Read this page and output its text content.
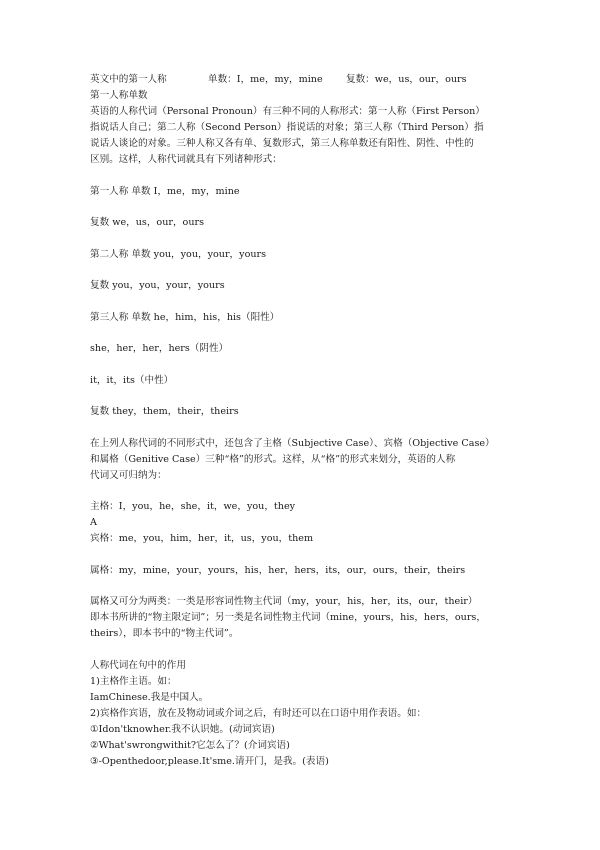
英文中的第一人称	单数：I，me，my，mine 复数：we，us，our，ours
第一人称单数
英语的人称代词（Personal Pronoun）有三种不同的人称形式：第一人称（First Person）
指说话人自己；第二人称（Second Person）指说话的对象；第三人称（Third Person）指
说话人谈论的对象。三种人称又各有单、复数形式，第三人称单数还有阳性、阴性、中性的
区别。这样，人称代词就具有下列诸种形式：
第一人称 单数 I，me，my，mine
复数 we，us，our，ours
第二人称 单数 you，you，your，yours
复数 you，you，your，yours
第三人称 单数 he，him，his，his（阳性）
she，her，her，hers（阴性）
it，it，its（中性）
复数 they，them，their，theirs
在上列人称代词的不同形式中，还包含了主格（Subjective Case）、宾格（Objective Case）
和属格（Genitive Case）三种“格”的形式。这样，从“格”的形式来划分，英语的人称
代词又可归纳为：
主格：I，you，he，she，it，we，you，they
A
宾格：me，you，him，her，it，us，you，them
属格：my，mine，your，yours，his，her，hers，its，our，ours，their，theirs
属格又可分为两类：一类是形容词性物主代词（my，your，his，her，its，our，their）
即本书所讲的“物主限定词”；另一类是名词性物主代词（mine，yours，his，hers，ours，
theirs），即本书中的“物主代词”。
人称代词在句中的作用
1)主格作主语。如：
IamChinese.我是中国人。
2)宾格作宾语，放在及物动词或介词之后，有时还可以在口语中用作表语。如：
①Idon'tknowher.我不认识她。(动词宾语)
②What'swrongwithit?它怎么了？(介词宾语)
③-Openthedoor,please.It'sme.请开门，是我。(表语)
